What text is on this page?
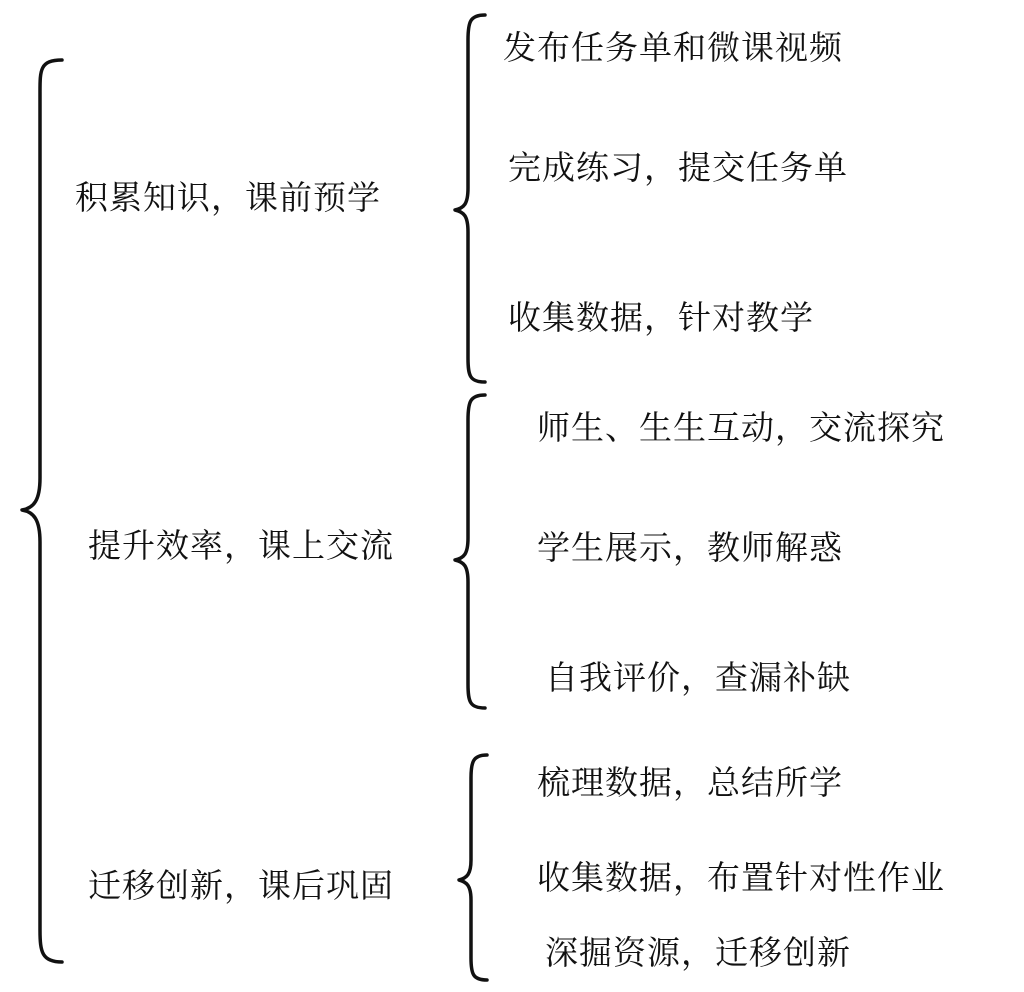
积累知识，课前预学
提升效率，课上交流
迁移创新，课后巩固
发布任务单和微课视频
完成练习，提交任务单
收集数据，针对教学
师生、生生互动，交流探究
学生展示，教师解惑
自我评价，查漏补缺
梳理数据，总结所学
收集数据，布置针对性作业
深掘资源，迁移创新
